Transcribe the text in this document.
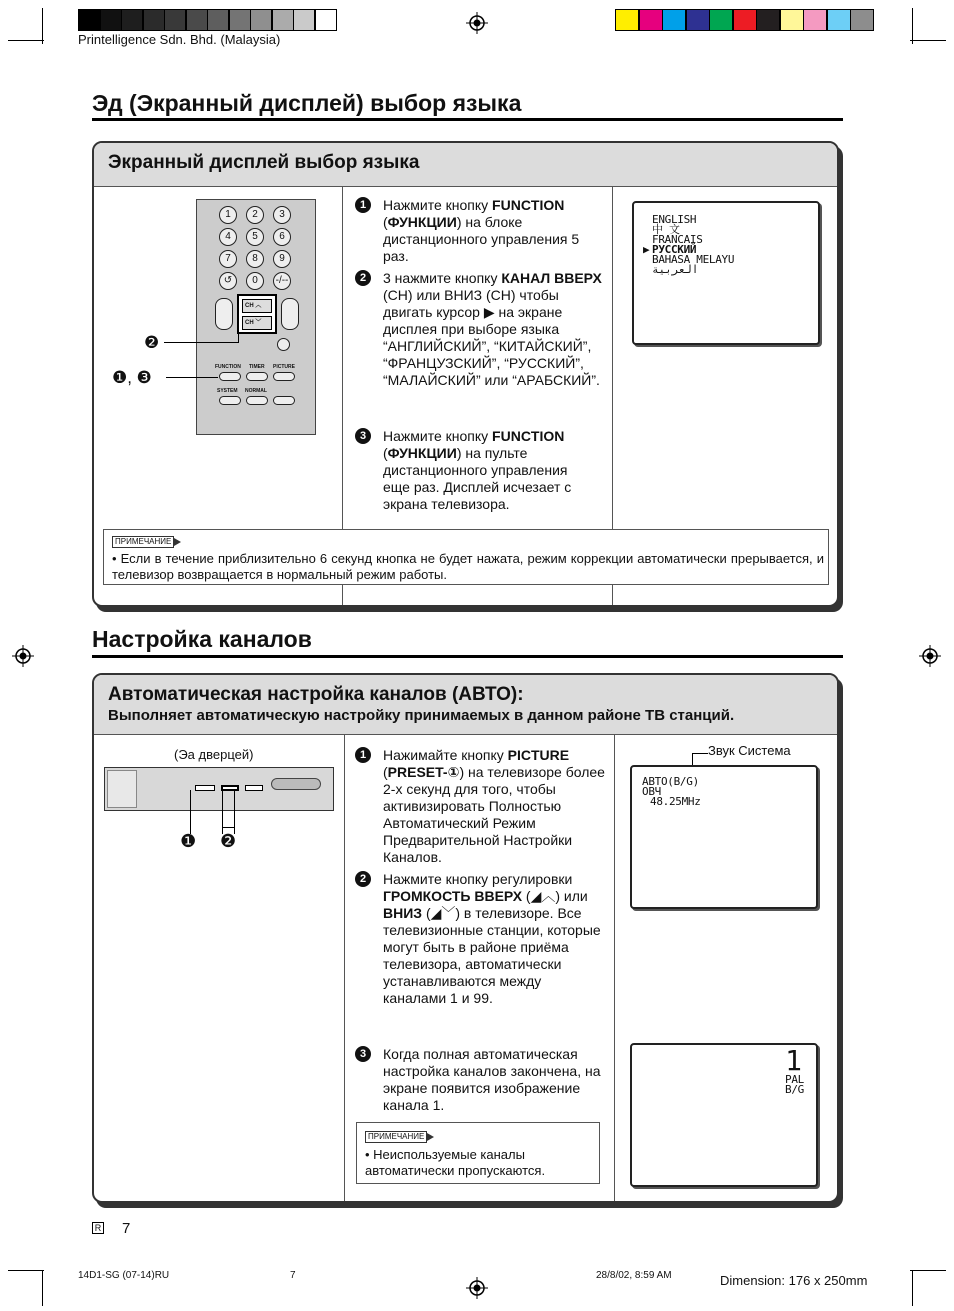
Printelligence Sdn. Bhd. (Malaysia)
Эд (Экранный дисплей) выбор языка
Экранный дисплей выбор языка
1	2	3
4	5	6
7	8	9
↺	0	-/--
CH ︿
CH ﹀
FUNCTION TIMER PICTURE
SYSTEM NORMAL
❷
❶, ❸
1	Нажмите кнопку FUNCTION (ФУНКЦИИ) на блоке дистанционного управления 5 раз.
2	3 нажмите кнопку КАНАЛ ВВЕРХ (CH) или ВНИЗ (CH) чтобы двигать курсор ▶ на экране дисплея при выборе языка “АНГЛИЙСКИЙ”, “КИТАЙСКИЙ”, “ФРАНЦУЗСКИЙ”, “РУССКИЙ”, “МАЛАЙСКИЙ” или “АРАБСКИЙ”.
3	Нажмите кнопку FUNCTION (ФУНКЦИИ) на пульте дистанционного управления еще раз. Дисплей исчезает с экрана телевизора.
ENGLISH
中 文
FRANCAIS
РУССКИЙ
BAHASA MELAYU
العربية
▶
ПРИМЕЧАНИЕ
• Если в течение приблизительно 6 секунд кнопка не будет нажата, режим коррекции автоматически прерывается, и телевизор возвращается в нормальный режим работы.
Настройка каналов
Автоматическая настройка каналов (АВТО):
Выполняет автоматическую настройку принимаемых в данном районе ТВ станций.
(Эа дверцей)
❶ ❷
1	Нажимайте кнопку PICTURE (PRESET-①) на телевизоре более 2-х секунд для того, чтобы активизировать Полностью Автоматический Режим Предварительной Настройки Каналов.
2	Нажмите кнопку регулировки ГРОМКОСТЬ ВВЕРХ (◢︿) или ВНИЗ (◢﹀) в телевизоре. Все телевизионные станции, которые могут быть в районе приёма телевизора, автоматически устанавливаются между каналами 1 и 99.
3	Когда полная автоматическая настройка каналов закончена, на экране появится изображение канала 1.
ПРИМЕЧАНИЕ
• Неиспользуемые каналы автоматически пропускаются.
Звук Система
АВТО(B/G)
ОВЧ
48.25MHz
1
PAL
B/G
R 7
14D1-SG (07-14)RU	7	28/8/02, 8:59 AM	Dimension: 176 x 250mm
